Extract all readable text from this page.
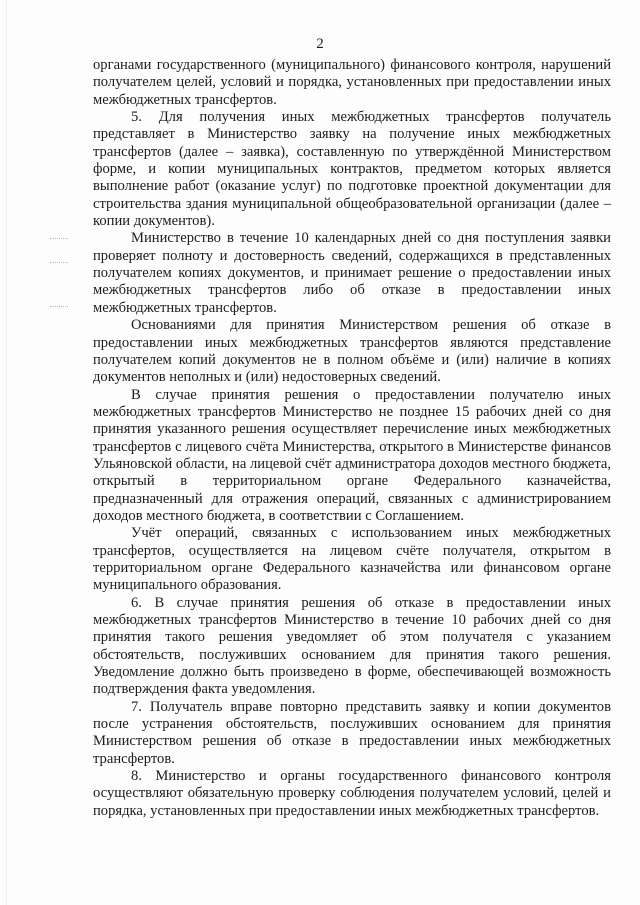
2

органами государственного (муниципального) финансового контроля, нарушений получателем целей, условий и порядка, установленных при предоставлении иных межбюджетных трансфертов.

5. Для получения иных межбюджетных трансфертов получатель представляет в Министерство заявку на получение иных межбюджетных трансфертов (далее – заявка), составленную по утверждённой Министерством форме, и копии муниципальных контрактов, предметом которых является выполнение работ (оказание услуг) по подготовке проектной документации для строительства здания муниципальной общеобразовательной организации (далее – копии документов).

Министерство в течение 10 календарных дней со дня поступления заявки проверяет полноту и достоверность сведений, содержащихся в представленных получателем копиях документов, и принимает решение о предоставлении иных межбюджетных трансфертов либо об отказе в предоставлении иных межбюджетных трансфертов.

Основаниями для принятия Министерством решения об отказе в предоставлении иных межбюджетных трансфертов являются представление получателем копий документов не в полном объёме и (или) наличие в копиях документов неполных и (или) недостоверных сведений.

В случае принятия решения о предоставлении получателю иных межбюджетных трансфертов Министерство не позднее 15 рабочих дней со дня принятия указанного решения осуществляет перечисление иных межбюджетных трансфертов с лицевого счёта Министерства, открытого в Министерстве финансов Ульяновской области, на лицевой счёт администратора доходов местного бюджета, открытый в территориальном органе Федерального казначейства, предназначенный для отражения операций, связанных с администрированием доходов местного бюджета, в соответствии с Соглашением.

Учёт операций, связанных с использованием иных межбюджетных трансфертов, осуществляется на лицевом счёте получателя, открытом в территориальном органе Федерального казначейства или финансовом органе муниципального образования.

6. В случае принятия решения об отказе в предоставлении иных межбюджетных трансфертов Министерство в течение 10 рабочих дней со дня принятия такого решения уведомляет об этом получателя с указанием обстоятельств, послуживших основанием для принятия такого решения. Уведомление должно быть произведено в форме, обеспечивающей возможность подтверждения факта уведомления.

7. Получатель вправе повторно представить заявку и копии документов после устранения обстоятельств, послуживших основанием для принятия Министерством решения об отказе в предоставлении иных межбюджетных трансфертов.

8. Министерство и органы государственного финансового контроля осуществляют обязательную проверку соблюдения получателем условий, целей и порядка, установленных при предоставлении иных межбюджетных трансфертов.
